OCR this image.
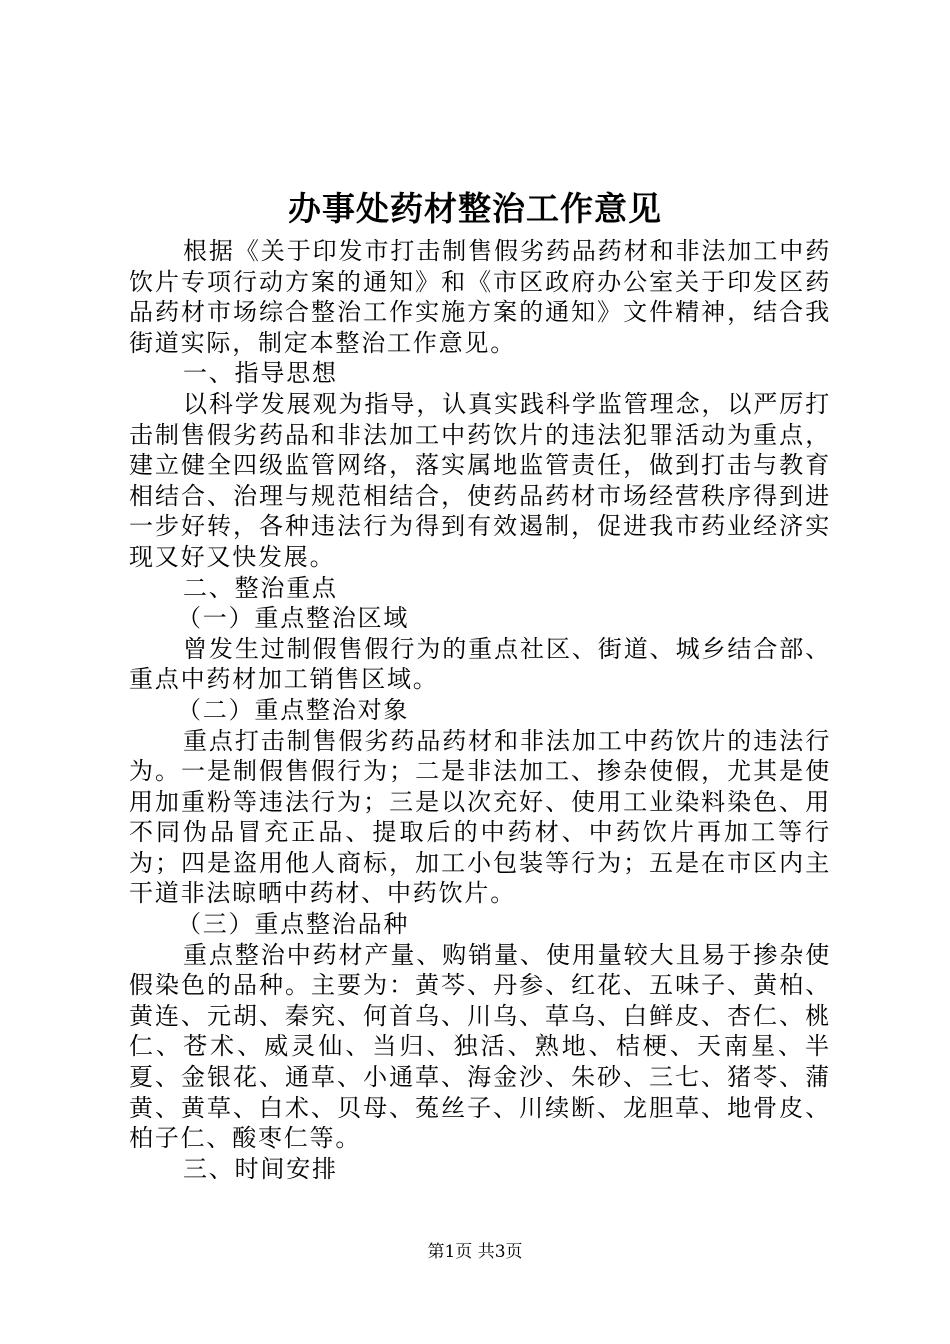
办事处药材整治工作意见

根据《关于印发市打击制售假劣药品药材和非法加工中药饮片专项行动方案的通知》和《市区政府办公室关于印发区药品药材市场综合整治工作实施方案的通知》文件精神，结合我街道实际，制定本整治工作意见。

一、指导思想

以科学发展观为指导，认真实践科学监管理念，以严厉打击制售假劣药品和非法加工中药饮片的违法犯罪活动为重点，建立健全四级监管网络，落实属地监管责任，做到打击与教育相结合、治理与规范相结合，使药品药材市场经营秩序得到进一步好转，各种违法行为得到有效遏制，促进我市药业经济实现又好又快发展。

二、整治重点

（一）重点整治区域

曾发生过制假售假行为的重点社区、街道、城乡结合部、重点中药材加工销售区域。

（二）重点整治对象

重点打击制售假劣药品药材和非法加工中药饮片的违法行为。一是制假售假行为；二是非法加工、掺杂使假，尤其是使用加重粉等违法行为；三是以次充好、使用工业染料染色、用不同伪品冒充正品、提取后的中药材、中药饮片再加工等行为；四是盗用他人商标，加工小包装等行为；五是在市区内主干道非法晾晒中药材、中药饮片。

（三）重点整治品种

重点整治中药材产量、购销量、使用量较大且易于掺杂使假染色的品种。主要为：黄芩、丹参、红花、五味子、黄柏、黄连、元胡、秦究、何首乌、川乌、草乌、白鲜皮、杏仁、桃仁、苍术、威灵仙、当归、独活、熟地、桔梗、天南星、半夏、金银花、通草、小通草、海金沙、朱砂、三七、猪苓、蒲黄、黄草、白术、贝母、菟丝子、川续断、龙胆草、地骨皮、柏子仁、酸枣仁等。

三、时间安排

第1页 共3页
